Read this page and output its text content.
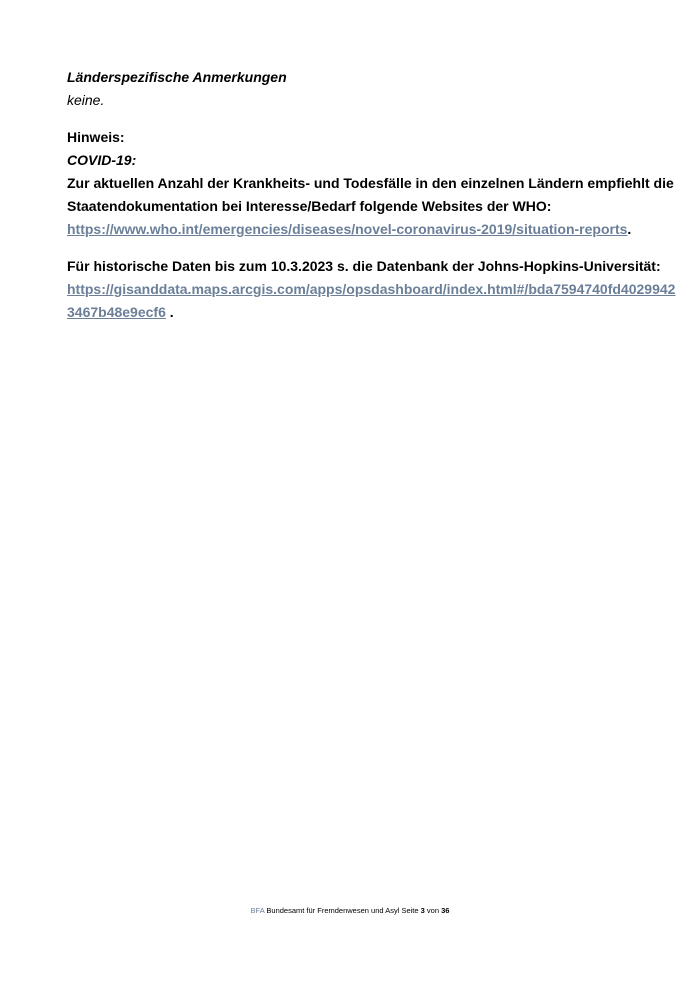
Länderspezifische Anmerkungen
keine.
Hinweis:
COVID-19:
Zur aktuellen Anzahl der Krankheits- und Todesfälle in den einzelnen Ländern empfiehlt die
Staatendokumentation bei Interesse/Bedarf folgende Websites der WHO:
https://www.who.int/emergencies/diseases/novel-coronavirus-2019/situation-reports.
Für historische Daten bis zum 10.3.2023 s. die Datenbank der Johns-Hopkins-Universität:
https://gisanddata.maps.arcgis.com/apps/opsdashboard/index.html#/bda7594740fd4029942
3467b48e9ecf6 .
BFA Bundesamt für Fremdenwesen und Asyl Seite 3 von 36
